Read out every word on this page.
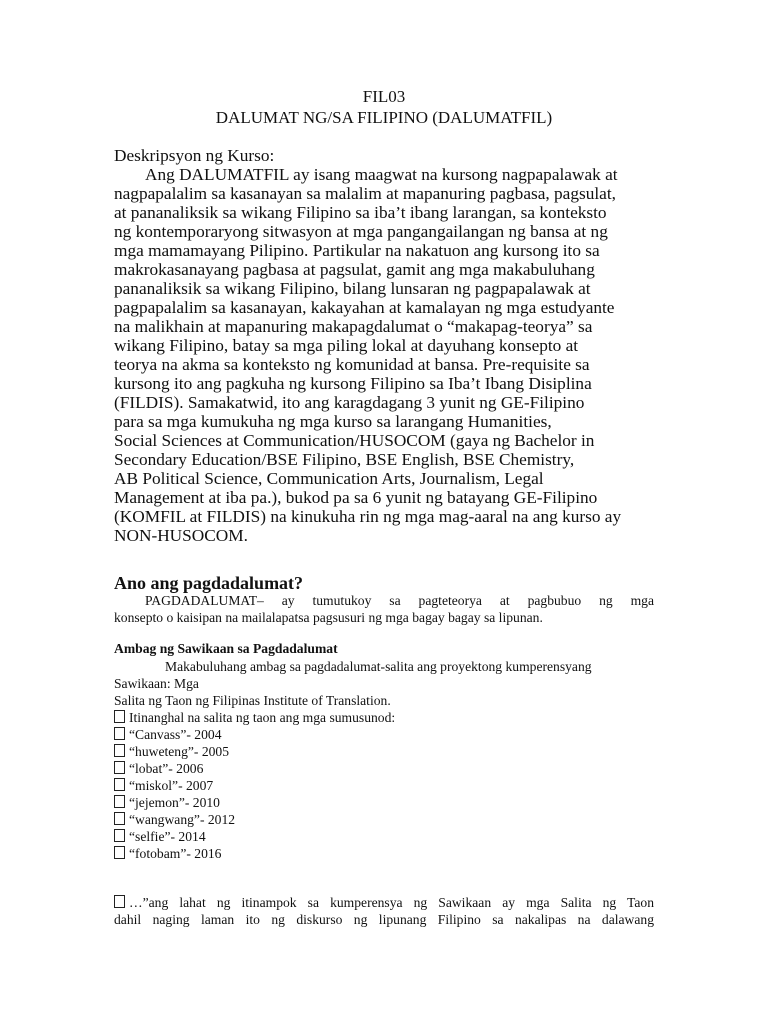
FIL03
DALUMAT NG/SA FILIPINO (DALUMATFIL)
Deskripsyon ng Kurso:
Ang DALUMATFIL ay isang maagwat na kursong nagpapalawak at
nagpapalalim sa kasanayan sa malalim at mapanuring pagbasa, pagsulat,
at pananaliksik sa wikang Filipino sa iba’t ibang larangan, sa konteksto
ng kontemporaryong sitwasyon at mga pangangailangan ng bansa at ng
mga mamamayang Pilipino. Partikular na nakatuon ang kursong ito sa
makrokasanayang pagbasa at pagsulat, gamit ang mga makabuluhang
pananaliksik sa wikang Filipino, bilang lunsaran ng pagpapalawak at
pagpapalalim sa kasanayan, kakayahan at kamalayan ng mga estudyante
na malikhain at mapanuring makapagdalumat o “makapag-teorya” sa
wikang Filipino, batay sa mga piling lokal at dayuhang konsepto at
teorya na akma sa konteksto ng komunidad at bansa. Pre-requisite sa
kursong ito ang pagkuha ng kursong Filipino sa Iba’t Ibang Disiplina
(FILDIS). Samakatwid, ito ang karagdagang 3 yunit ng GE-Filipino
para sa mga kumukuha ng mga kurso sa larangang Humanities,
Social Sciences at Communication/HUSOCOM (gaya ng Bachelor in
Secondary Education/BSE Filipino, BSE English, BSE Chemistry,
AB Political Science, Communication Arts, Journalism, Legal
Management at iba pa.), bukod pa sa 6 yunit ng batayang GE-Filipino
(KOMFIL at FILDIS) na kinukuha rin ng mga mag-aaral na ang kurso ay
NON-HUSOCOM.
Ano ang pagdadalumat?
PAGDADALUMAT– ay tumutukoy sa pagteteorya at pagbubuo ng mga
konsepto o kaisipan na mailalapatsa pagsusuri ng mga bagay bagay sa lipunan.
Ambag ng Sawikaan sa Pagdadalumat
Makabuluhang ambag sa pagdadalumat-salita ang proyektong kumperensyang
Sawikaan: Mga
Salita ng Taon ng Filipinas Institute of Translation.
Itinanghal na salita ng taon ang mga sumusunod:
“Canvass”- 2004
“huweteng”- 2005
“lobat”- 2006
“miskol”- 2007
“jejemon”- 2010
“wangwang”- 2012
“selfie”- 2014
“fotobam”- 2016
…”ang lahat ng itinampok sa kumperensya ng Sawikaan ay mga Salita ng Taon
dahil naging laman ito ng diskurso ng lipunang Filipino sa nakalipas na dalawang
